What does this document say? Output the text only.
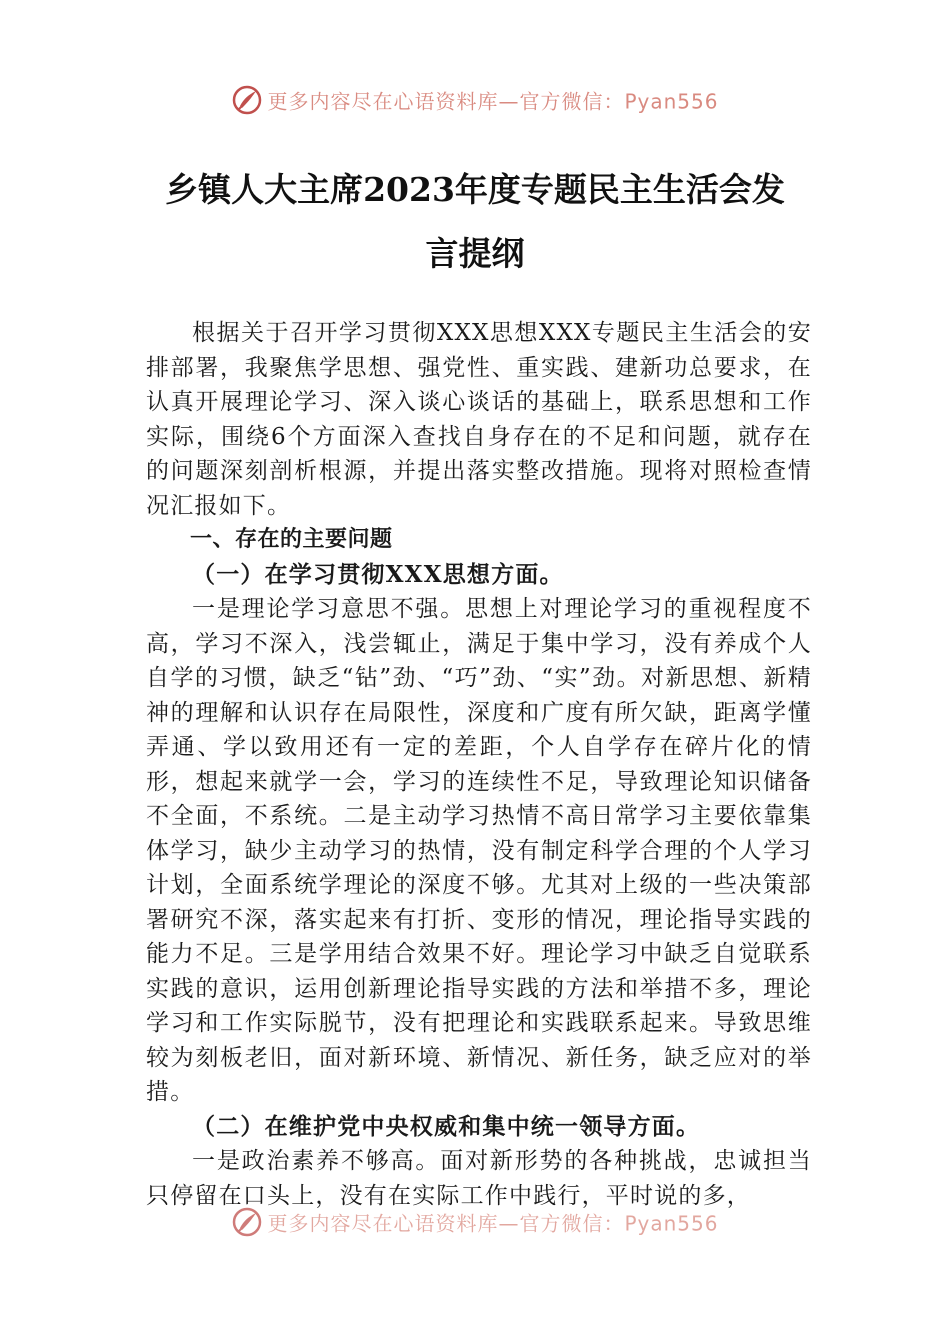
更多内容尽在心语资料库—官方微信：Pyan556
乡镇人大主席2023年度专题民主生活会发
言提纲

根据关于召开学习贯彻XXX思想XXX专题民主生活会的安排部署，我聚焦学思想、强党性、重实践、建新功总要求，在认真开展理论学习、深入谈心谈话的基础上，联系思想和工作实际，围绕6个方面深入查找自身存在的不足和问题，就存在的问题深刻剖析根源，并提出落实整改措施。现将对照检查情况汇报如下。

一、存在的主要问题

（一）在学习贯彻XXX思想方面。

一是理论学习意思不强。思想上对理论学习的重视程度不高，学习不深入，浅尝辄止，满足于集中学习，没有养成个人自学的习惯，缺乏“钻”劲、“巧”劲、“实”劲。对新思想、新精神的理解和认识存在局限性，深度和广度有所欠缺，距离学懂弄通、学以致用还有一定的差距，个人自学存在碎片化的情形，想起来就学一会，学习的连续性不足，导致理论知识储备不全面，不系统。二是主动学习热情不高日常学习主要依靠集体学习，缺少主动学习的热情，没有制定科学合理的个人学习计划，全面系统学理论的深度不够。尤其对上级的一些决策部署研究不深，落实起来有打折、变形的情况，理论指导实践的能力不足。三是学用结合效果不好。理论学习中缺乏自觉联系实践的意识，运用创新理论指导实践的方法和举措不多，理论学习和工作实际脱节，没有把理论和实践联系起来。导致思维较为刻板老旧，面对新环境、新情况、新任务，缺乏应对的举措。

（二）在维护党中央权威和集中统一领导方面。

一是政治素养不够高。面对新形势的各种挑战，忠诚担当只停留在口头上，没有在实际工作中践行，平时说的多，

更多内容尽在心语资料库—官方微信：Pyan556
